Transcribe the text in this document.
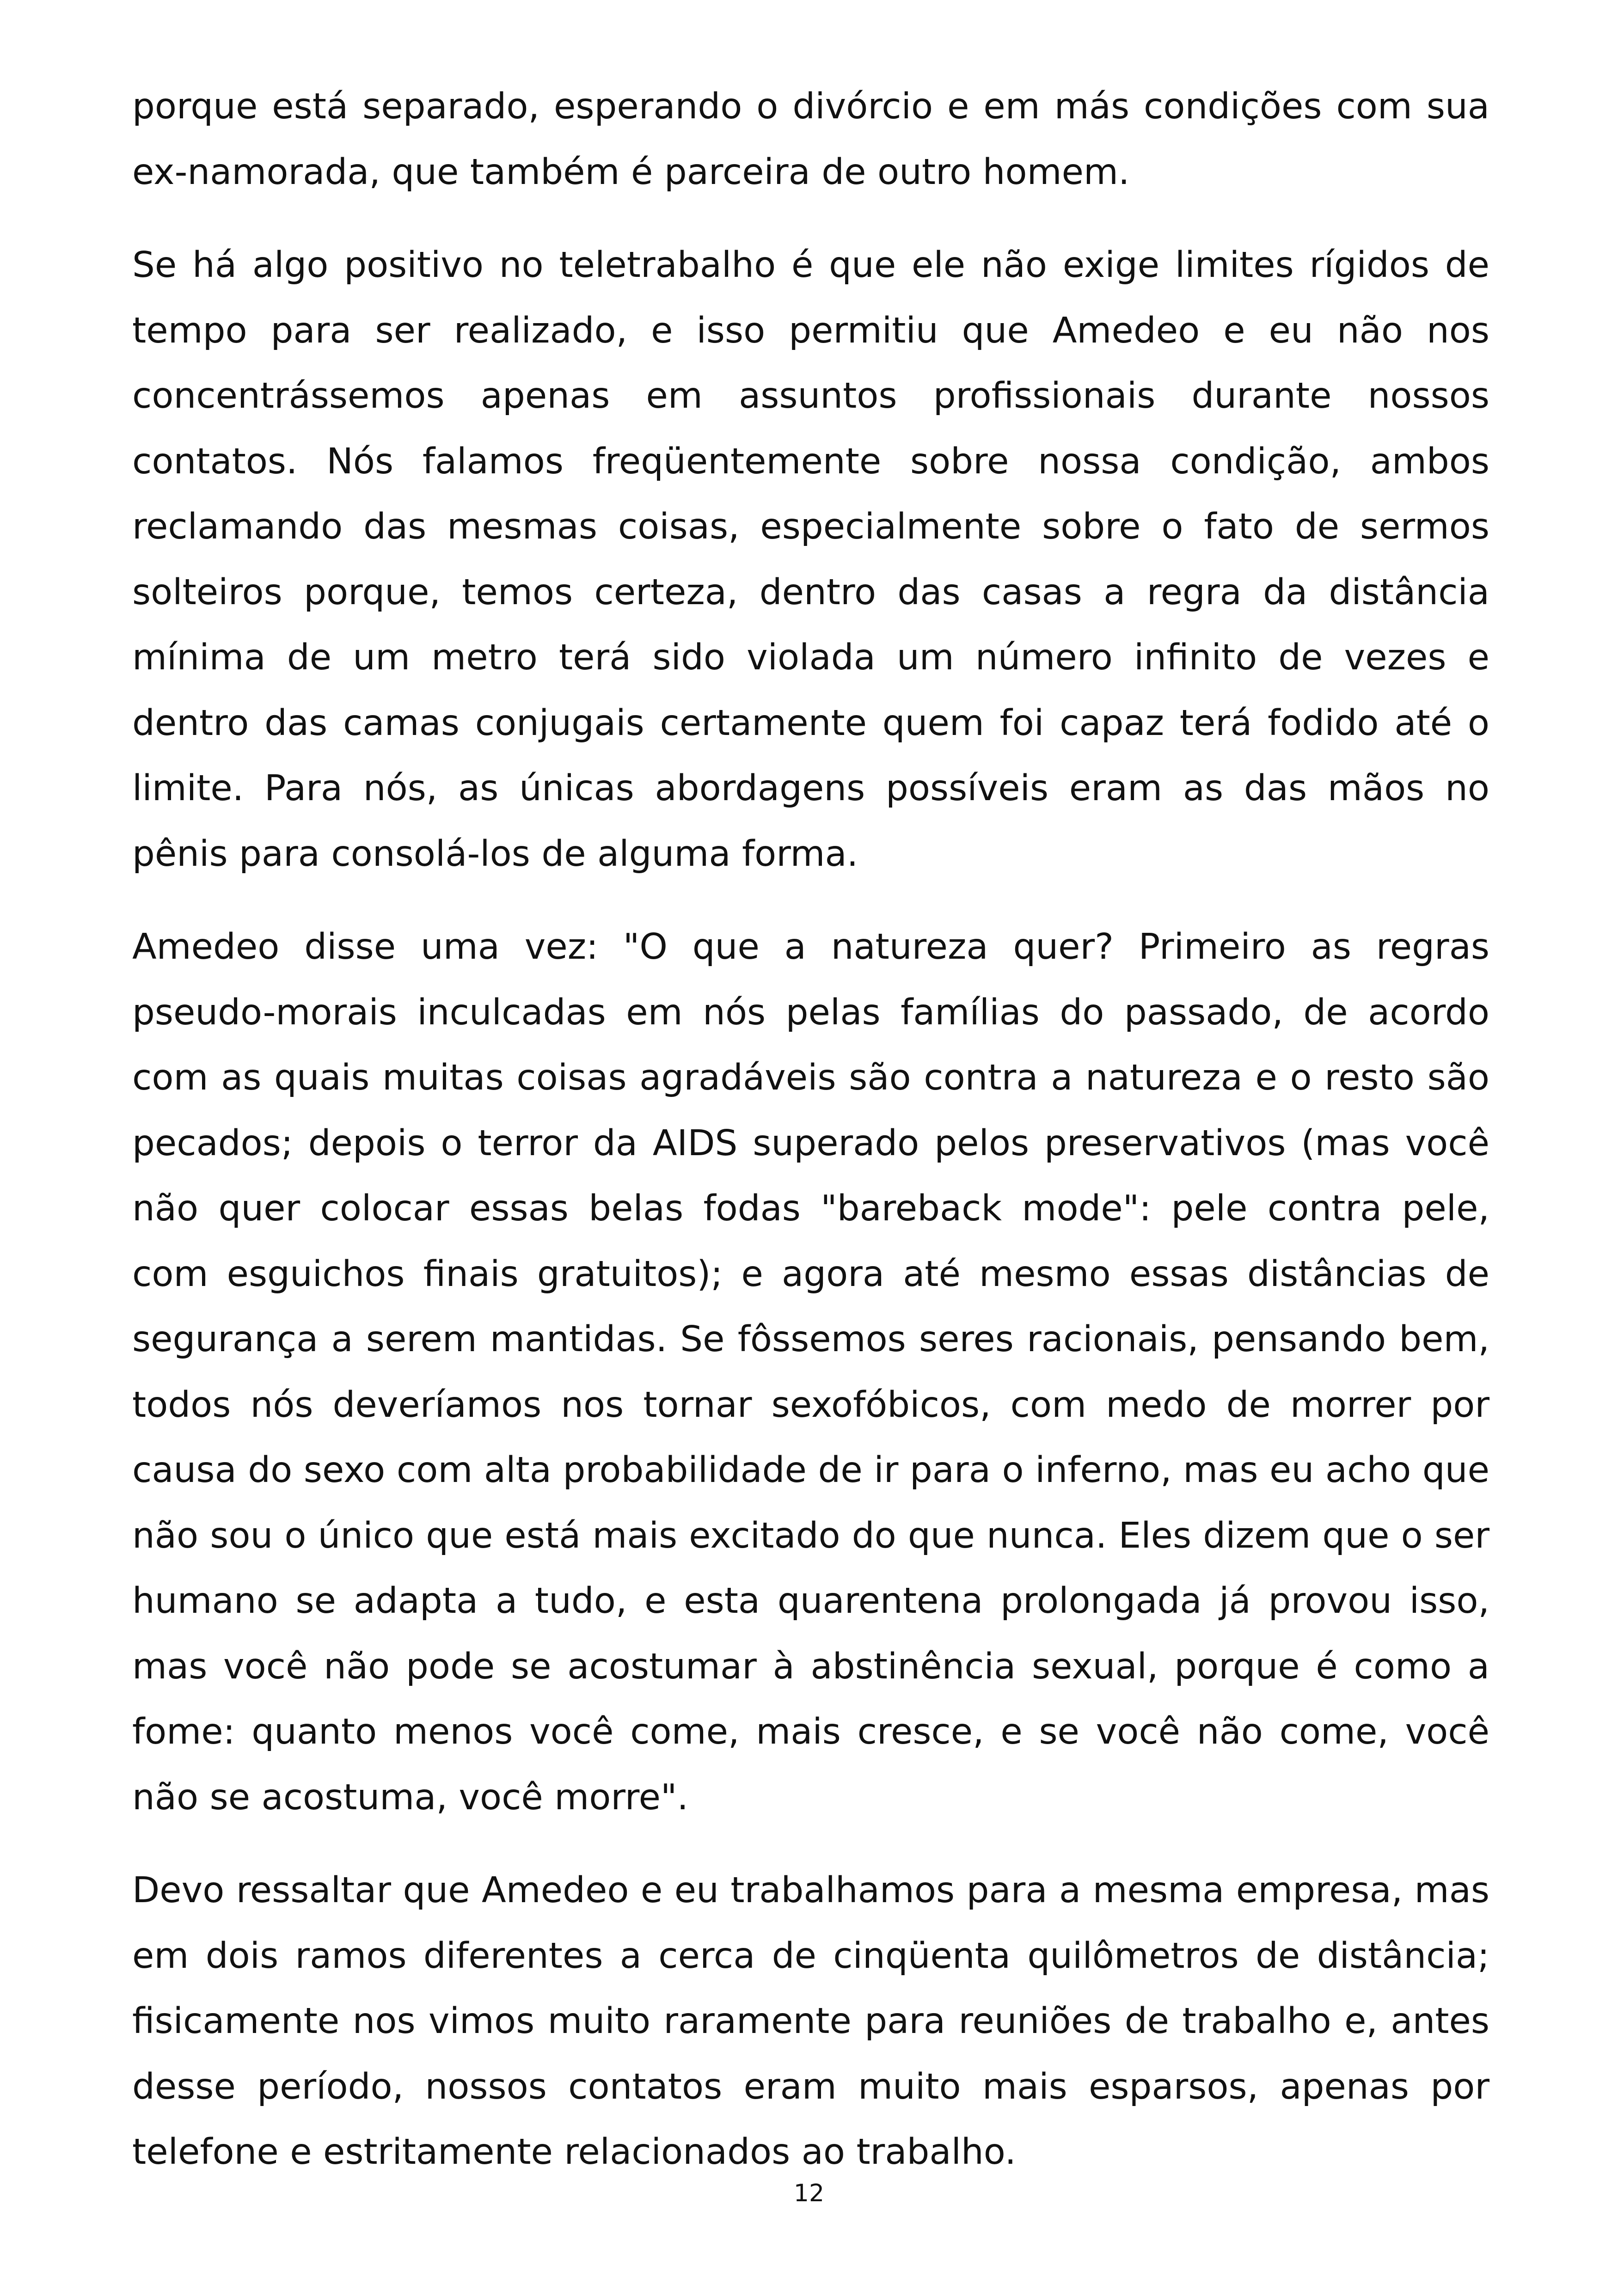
porque está separado, esperando o divórcio e em más condições com sua ex-namorada, que também é parceira de outro homem.

Se há algo positivo no teletrabalho é que ele não exige limites rígidos de tempo para ser realizado, e isso permitiu que Amedeo e eu não nos concentrássemos apenas em assuntos profissionais durante nossos contatos. Nós falamos freqüentemente sobre nossa condição, ambos reclamando das mesmas coisas, especialmente sobre o fato de sermos solteiros porque, temos certeza, dentro das casas a regra da distância mínima de um metro terá sido violada um número infinito de vezes e dentro das camas conjugais certamente quem foi capaz terá fodido até o limite. Para nós, as únicas abordagens possíveis eram as das mãos no pênis para consolá-los de alguma forma.

Amedeo disse uma vez: "O que a natureza quer? Primeiro as regras pseudo-morais inculcadas em nós pelas famílias do passado, de acordo com as quais muitas coisas agradáveis são contra a natureza e o resto são pecados; depois o terror da AIDS superado pelos preservativos (mas você não quer colocar essas belas fodas "bareback mode": pele contra pele, com esguichos finais gratuitos); e agora até mesmo essas distâncias de segurança a serem mantidas. Se fôssemos seres racionais, pensando bem, todos nós deveríamos nos tornar sexofóbicos, com medo de morrer por causa do sexo com alta probabilidade de ir para o inferno, mas eu acho que não sou o único que está mais excitado do que nunca. Eles dizem que o ser humano se adapta a tudo, e esta quarentena prolongada já provou isso, mas você não pode se acostumar à abstinência sexual, porque é como a fome: quanto menos você come, mais cresce, e se você não come, você não se acostuma, você morre".

Devo ressaltar que Amedeo e eu trabalhamos para a mesma empresa, mas em dois ramos diferentes a cerca de cinqüenta quilômetros de distância; fisicamente nos vimos muito raramente para reuniões de trabalho e, antes desse período, nossos contatos eram muito mais esparsos, apenas por telefone e estritamente relacionados ao trabalho.

12
